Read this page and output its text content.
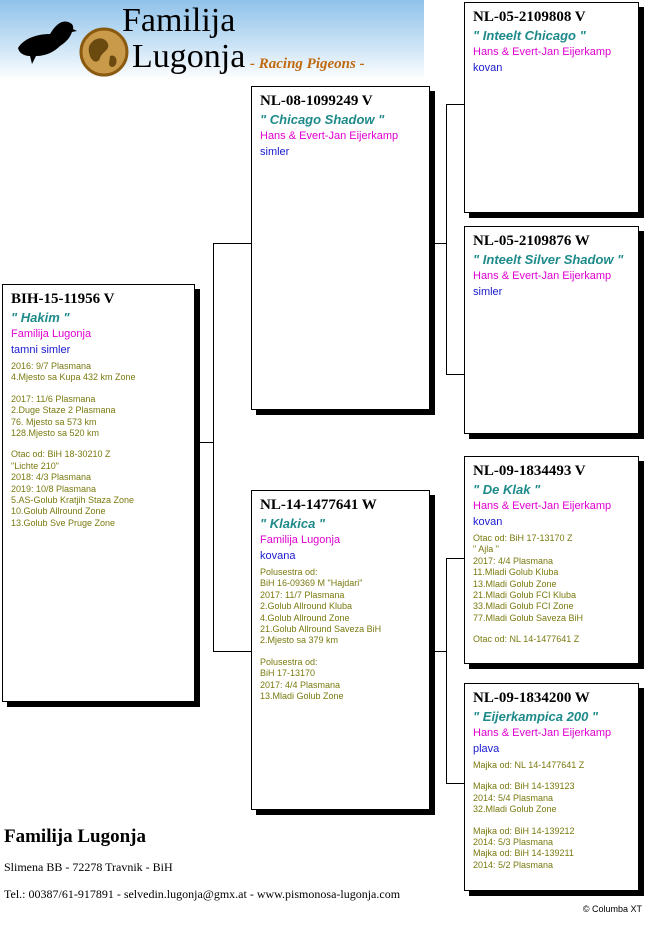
Familija
Lugonja - Racing Pigeons -
BIH-15-11956 V
" Hakim "
Familija Lugonja
tamni simler
2016: 9/7 Plasmana
4.Mjesto sa Kupa 432 km Zone
2017: 11/6 Plasmana
2.Duge Staze 2 Plasmana
76. Mjesto sa 573 km
128.Mjesto sa 520 km
Otac od: BiH 18-30210 Z
"Lichte 210"
2018: 4/3 Plasmana
2019: 10/8 Plasmana
5.AS-Golub Kratjih Staza Zone
10.Golub Allround Zone
13.Golub Sve Pruge Zone
NL-08-1099249 V
" Chicago Shadow "
Hans & Evert-Jan Eijerkamp
simler
NL-14-1477641 W
" Klakica "
Familija Lugonja
kovana
Polusestra od:
BiH 16-09369 M "Hajdari"
2017: 11/7 Plasmana
2.Golub Allround Kluba
4.Golub Allround Zone
21.Golub Allround Saveza BiH
2.Mjesto sa 379 km
Polusestra od:
BiH 17-13170
2017: 4/4 Plasmana
13.Mladi Golub Zone
NL-05-2109808 V
" Inteelt Chicago "
Hans & Evert-Jan Eijerkamp
kovan
NL-05-2109876 W
" Inteelt Silver Shadow "
Hans & Evert-Jan Eijerkamp
simler
NL-09-1834493 V
" De Klak "
Hans & Evert-Jan Eijerkamp
kovan
Otac od: BiH 17-13170 Z
" Ajla "
2017: 4/4 Plasmana
11.Mladi Golub Kluba
13.Mladi Golub Zone
21.Mladi Golub FCI Kluba
33.Mladi Golub FCI Zone
77.Mladi Golub Saveza BiH
Otac od: NL 14-1477641 Z
NL-09-1834200 W
" Eijerkampica 200 "
Hans & Evert-Jan Eijerkamp
plava
Majka od: NL 14-1477641 Z
Majka od: BiH 14-139123
2014: 5/4 Plasmana
32.Mladi Golub Zone
Majka od: BiH 14-139212
2014: 5/3 Plasmana
Majka od: BiH 14-139211
2014: 5/2 Plasmana
Familija Lugonja
Slimena BB - 72278 Travnik - BiH
Tel.: 00387/61-917891 - selvedin.lugonja@gmx.at - www.pismonosa-lugonja.com
© Columba XT
